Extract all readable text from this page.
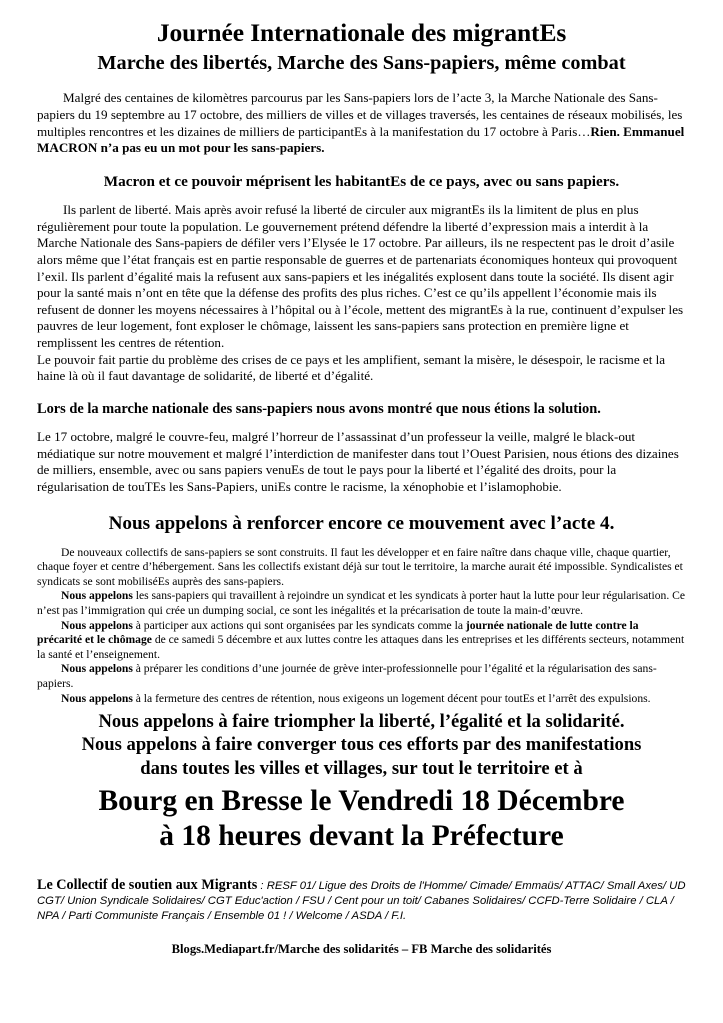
Journée Internationale des migrantEs
Marche des libertés, Marche des Sans-papiers, même combat

Malgré des centaines de kilomètres parcourus par les Sans-papiers lors de l’acte 3, la Marche Nationale des Sans-papiers du 19 septembre au 17 octobre, des milliers de villes et de villages traversés, les centaines de réseaux mobilisés, les multiples rencontres et les dizaines de milliers de participantEs à la manifestation du 17 octobre à Paris…Rien. Emmanuel MACRON n’a pas eu un mot pour les sans-papiers.

Macron et ce pouvoir méprisent les habitantEs de ce pays, avec ou sans papiers.

Ils parlent de liberté. Mais après avoir refusé la liberté de circuler aux migrantEs ils la limitent de plus en plus régulièrement pour toute la population. Le gouvernement prétend défendre la liberté d’expression mais a interdit à la Marche Nationale des Sans-papiers de défiler vers l’Elysée le 17 octobre. Par ailleurs, ils ne respectent pas le droit d’asile alors même que l’état français est en partie responsable de guerres et de partenariats économiques honteux qui provoquent l’exil. Ils parlent d’égalité mais la refusent aux sans-papiers et les inégalités explosent dans toute la société. Ils disent agir pour la santé mais n’ont en tête que la défense des profits des plus riches. C’est ce qu’ils appellent l’économie mais ils refusent de donner les moyens nécessaires à l’hôpital ou à l’école, mettent des migrantEs à la rue, continuent d’expulser les pauvres de leur logement, font exploser le chômage, laissent les sans-papiers sans protection en première ligne et remplissent les centres de rétention.

Le pouvoir fait partie du problème des crises de ce pays et les amplifient, semant la misère, le désespoir, le racisme et la haine là où il faut davantage de solidarité, de liberté et d’égalité.

Lors de la marche nationale des sans-papiers nous avons montré que nous étions la solution.

Le 17 octobre, malgré le couvre-feu, malgré l’horreur de l’assassinat d’un professeur la veille, malgré le black-out médiatique sur notre mouvement et malgré l’interdiction de manifester dans tout l’Ouest Parisien, nous étions des dizaines de milliers, ensemble, avec ou sans papiers venuEs de tout le pays pour la liberté et l’égalité des droits, pour la régularisation de touTEs les Sans-Papiers, uniEs contre le racisme, la xénophobie et l’islamophobie.

Nous appelons à renforcer encore ce mouvement avec l’acte 4.

De nouveaux collectifs de sans-papiers se sont construits. Il faut les développer et en faire naître dans chaque ville, chaque quartier, chaque foyer et centre d’hébergement. Sans les collectifs existant déjà sur tout le territoire, la marche aurait été impossible. Syndicalistes et syndicats se sont mobiliséEs auprès des sans-papiers.

Nous appelons les sans-papiers qui travaillent à rejoindre un syndicat et les syndicats à porter haut la lutte pour leur régularisation. Ce n’est pas l’immigration qui crée un dumping social, ce sont les inégalités et la précarisation de toute la main-d’œuvre.

Nous appelons à participer aux actions qui sont organisées par les syndicats comme la journée nationale de lutte contre la précarité et le chômage de ce samedi 5 décembre et aux luttes contre les attaques dans les entreprises et les différents secteurs, notamment la santé et l’enseignement.

Nous appelons à préparer les conditions d’une journée de grève inter-professionnelle pour l’égalité et la régularisation des sans-papiers.

Nous appelons à la fermeture des centres de rétention, nous exigeons un logement décent pour toutEs et l’arrêt des expulsions.

Nous appelons à faire triompher la liberté, l’égalité et la solidarité.

Nous appelons à faire converger tous ces efforts par des manifestations

dans toutes les villes et villages, sur tout le territoire et à

Bourg en Bresse le Vendredi 18 Décembre

à 18 heures devant la Préfecture

Le Collectif de soutien aux Migrants : RESF 01/ Ligue des Droits de l'Homme/ Cimade/ Emmaüs/ ATTAC/ Small Axes/ UD CGT/ Union Syndicale Solidaires/ CGT Educ'action / FSU / Cent pour un toit/ Cabanes Solidaires/ CCFD-Terre Solidaire / CLA / NPA / Parti Communiste Français / Ensemble 01 ! / Welcome / ASDA / F.I.

Blogs.Mediapart.fr/Marche des solidarités – FB Marche des solidarités
